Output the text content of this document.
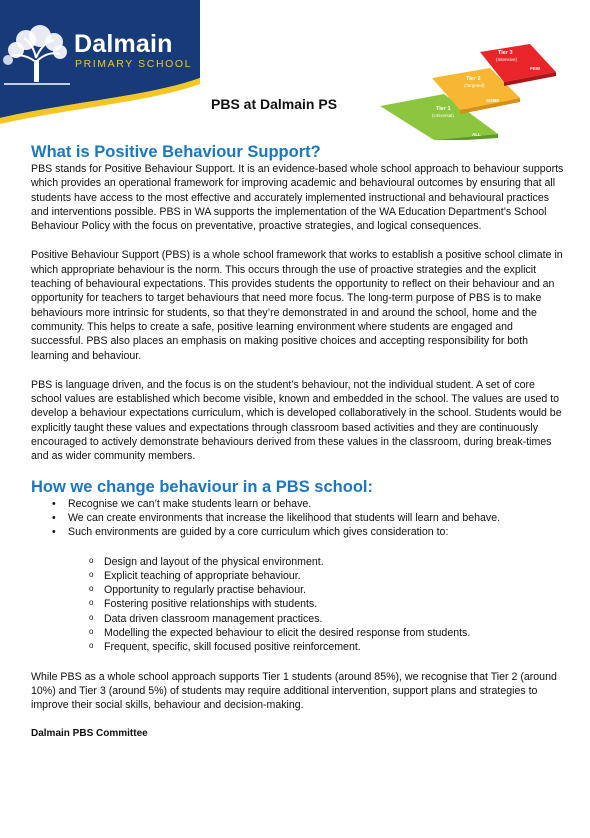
Dalmain
PRIMARY SCHOOL
Tier 3
(Intensive)
FEW
Tier 2
(Targeted)
SOME
Tier 1
(Universal)
ALL
PBS at Dalmain PS
What is Positive Behaviour Support?

PBS stands for Positive Behaviour Support. It is an evidence-based whole school approach to behaviour supports which provides an operational framework for improving academic and behavioural outcomes by ensuring that all students have access to the most effective and accurately implemented instructional and behavioural practices and interventions possible. PBS in WA supports the implementation of the WA Education Department’s School Behaviour Policy with the focus on preventative, proactive strategies, and logical consequences.

Positive Behaviour Support (PBS) is a whole school framework that works to establish a positive school climate in which appropriate behaviour is the norm. This occurs through the use of proactive strategies and the explicit teaching of behavioural expectations. This provides students the opportunity to reflect on their behaviour and an opportunity for teachers to target behaviours that need more focus. The long-term purpose of PBS is to make behaviours more intrinsic for students, so that they’re demonstrated in and around the school, home and the community. This helps to create a safe, positive learning environment where students are engaged and successful. PBS also places an emphasis on making positive choices and accepting responsibility for both learning and behaviour.

PBS is language driven, and the focus is on the student’s behaviour, not the individual student. A set of core school values are established which become visible, known and embedded in the school. The values are used to develop a behaviour expectations curriculum, which is developed collaboratively in the school. Students would be explicitly taught these values and expectations through classroom based activities and they are continuously encouraged to actively demonstrate behaviours derived from these values in the classroom, during break-times and as wider community members.

How we change behaviour in a PBS school:
• Recognise we can’t make students learn or behave.
• We can create environments that increase the likelihood that students will learn and behave.
• Such environments are guided by a core curriculum which gives consideration to:
o Design and layout of the physical environment.
o Explicit teaching of appropriate behaviour.
o Opportunity to regularly practise behaviour.
o Fostering positive relationships with students.
o Data driven classroom management practices.
o Modelling the expected behaviour to elicit the desired response from students.
o Frequent, specific, skill focused positive reinforcement.

While PBS as a whole school approach supports Tier 1 students (around 85%), we recognise that Tier 2 (around 10%) and Tier 3 (around 5%) of students may require additional intervention, support plans and strategies to improve their social skills, behaviour and decision-making.

Dalmain PBS Committee
